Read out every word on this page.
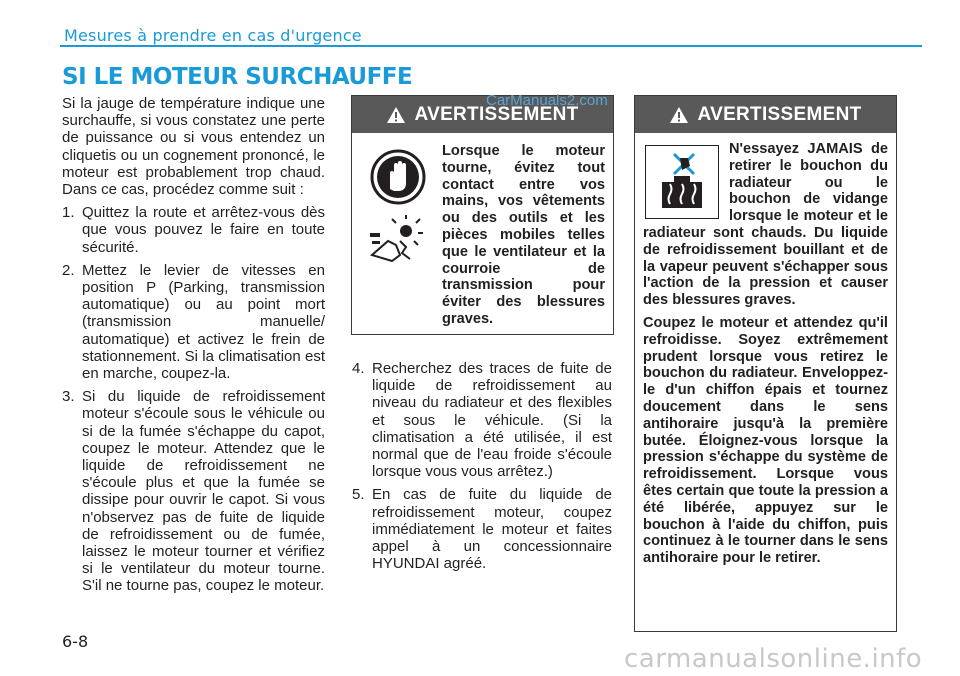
Mesures à prendre en cas d'urgence
SI LE MOTEUR SURCHAUFFE

Si la jauge de température indique une surchauffe, si vous constatez une perte de puissance ou si vous entendez un cliquetis ou un cognement prononcé, le moteur est probablement trop chaud. Dans ce cas, procédez comme suit :

1. Quittez la route et arrêtez-vous dès que vous pouvez le faire en toute sécurité.
2. Mettez le levier de vitesses en position P (Parking, transmission automatique) ou au point mort (transmission manuelle/ automatique) et activez le frein de stationnement. Si la climatisation est en marche, coupez-la.
3. Si du liquide de refroidissement moteur s'écoule sous le véhicule ou si de la fumée s'échappe du capot, coupez le moteur. Attendez que le liquide de refroidissement ne s'écoule plus et que la fumée se dissipe pour ouvrir le capot. Si vous n'observez pas de fuite de liquide de refroidissement ou de fumée, laissez le moteur tourner et vérifiez si le ventilateur du moteur tourne. S'il ne tourne pas, coupez le moteur.
AVERTISSEMENT
Lorsque le moteur tourne, évitez tout contact entre vos mains, vos vêtements ou des outils et les pièces mobiles telles que le ventilateur et la courroie de transmission pour éviter des blessures graves.
4. Recherchez des traces de fuite de liquide de refroidissement au niveau du radiateur et des flexibles et sous le véhicule. (Si la climatisation a été utilisée, il est normal que de l'eau froide s'écoule lorsque vous vous arrêtez.)
5. En cas de fuite du liquide de refroidissement moteur, coupez immédiatement le moteur et faites appel à un concessionnaire HYUNDAI agréé.
AVERTISSEMENT

N'essayez JAMAIS de retirer le bouchon du radiateur ou le bouchon de vidange lorsque le moteur et le radiateur sont chauds. Du liquide de refroidissement bouillant et de la vapeur peuvent s'échapper sous l'action de la pression et causer des blessures graves.

Coupez le moteur et attendez qu'il refroidisse. Soyez extrêmement prudent lorsque vous retirez le bouchon du radiateur. Enveloppez-le d'un chiffon épais et tournez doucement dans le sens antihoraire jusqu'à la première butée. Éloignez-vous lorsque la pression s'échappe du système de refroidissement. Lorsque vous êtes certain que toute la pression a été libérée, appuyez sur le bouchon à l'aide du chiffon, puis continuez à le tourner dans le sens antihoraire pour le retirer.

CarManuals2.com
6-8
carmanualsonline.info
